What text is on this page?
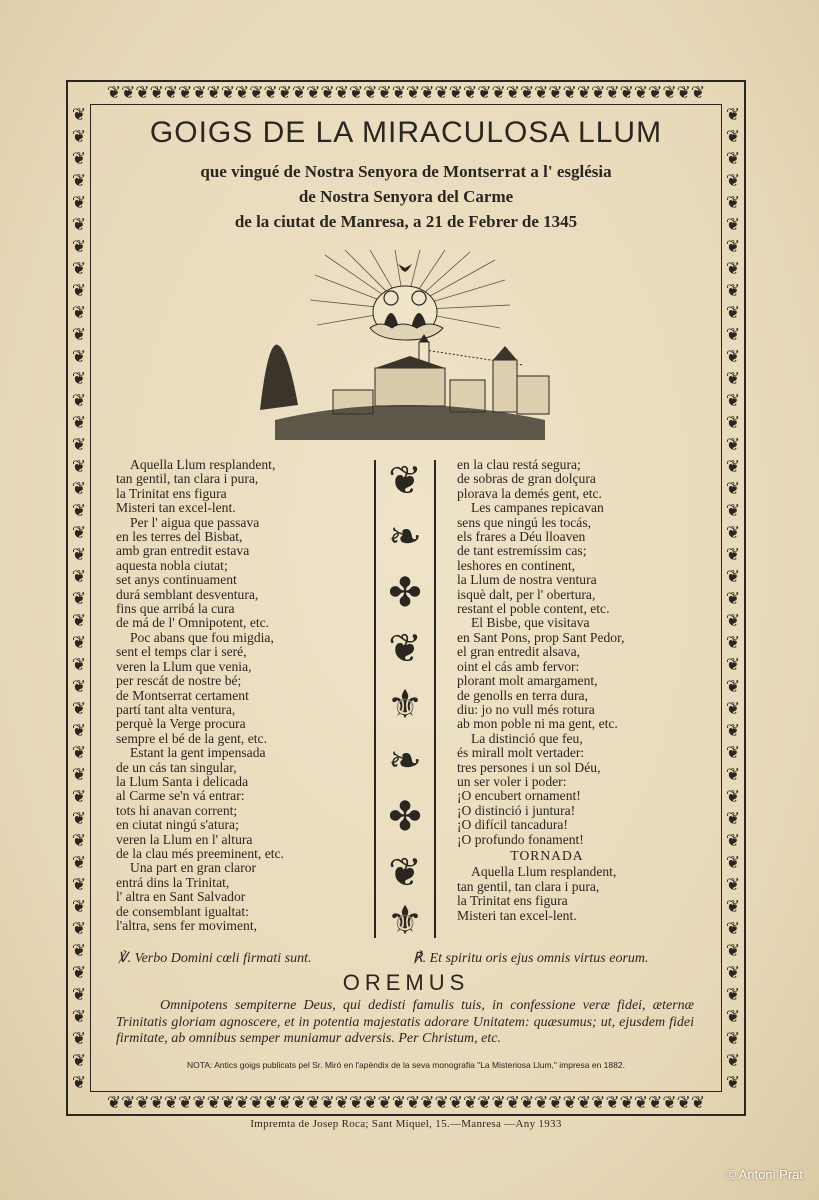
❦❦❦❦❦❦❦❦❦❦❦❦❦❦❦❦❦❦❦❦❦❦❦❦❦❦❦❦❦❦❦❦❦❦❦❦❦❦❦❦❦❦
❦❦❦❦❦❦❦❦❦❦❦❦❦❦❦❦❦❦❦❦❦❦❦❦❦❦❦❦❦❦❦❦❦❦❦❦❦❦❦❦❦❦
❦❦❦❦❦❦❦❦❦❦❦❦❦❦❦❦❦❦❦❦❦❦❦❦❦❦❦❦❦❦❦❦❦❦❦❦❦❦❦❦❦❦❦❦❦
❦❦❦❦❦❦❦❦❦❦❦❦❦❦❦❦❦❦❦❦❦❦❦❦❦❦❦❦❦❦❦❦❦❦❦❦❦❦❦❦❦❦❦❦❦
GOIGS DE LA MIRACULOSA LLUM
que vingué de Nostra Senyora de Montserrat a l' església
de Nostra Senyora del Carme
de la ciutat de Manresa, a 21 de Febrer de 1345
Aquella Llum resplandent,
tan gentil, tan clara i pura,
la Trinitat ens figura
Misteri tan excel-lent.
Per l' aigua que passava
en les terres del Bisbat,
amb gran entredit estava
aquesta nobla ciutat;
set anys continuament
durá semblant desventura,
fins que arribá la cura
de má de l' Omnipotent, etc.
Poc abans que fou migdia,
sent el temps clar i seré,
veren la Llum que venia,
per rescát de nostre bé;
de Montserrat certament
partí tant alta ventura,
perquè la Verge procura
sempre el bé de la gent, etc.
Estant la gent impensada
de un cás tan singular,
la Llum Santa i delicada
al Carme se'n vá entrar:
tots hi anavan corrent;
en ciutat ningú s'atura;
veren la Llum en l' altura
de la clau més preeminent, etc.
Una part en gran claror
entrá dins la Trinitat,
l' altra en Sant Salvador
de consemblant igualtat:
l'altra, sens fer moviment,
❦
❧
✤
❦
⚜
❧
✤
❦
⚜
en la clau restá segura;
de sobras de gran dolçura
plorava la demés gent, etc.
Les campanes repicavan
sens que ningú les tocás,
els frares a Déu lloaven
de tant estremíssim cas;
leshores en continent,
la Llum de nostra ventura
isquè dalt, per l' obertura,
restant el poble content, etc.
El Bisbe, que visitava
en Sant Pons, prop Sant Pedor,
el gran entredit alsava,
oint el cás amb fervor:
plorant molt amargament,
de genolls en terra dura,
diu: jo no vull més rotura
ab mon poble ni ma gent, etc.
La distinció que feu,
és mirall molt vertader:
tres persones i un sol Déu,
un ser voler i poder:
¡O encubert ornament!
¡O distinció i juntura!
¡O difícil tancadura!
¡O profundo fonament!
TORNADA
Aquella Llum resplandent,
tan gentil, tan clara i pura,
la Trinitat ens figura
Misteri tan excel-lent.
℣. Verbo Domini cœli firmati sunt.	℟. Et spiritu oris ejus omnis virtus eorum.
OREMUS
Omnipotens sempiterne Deus, qui dedisti famulis tuis, in confessione veræ fidei, æternæ Trinitatis gloriam agnoscere, et in potentia majestatis adorare Unitatem: quæsumus; ut, ejusdem fidei firmitate, ab omnibus semper muniamur adversis. Per Christum, etc.
NOTA: Antics goigs publicats pel Sr. Miró en l'apèndix de la seva monografia "La Misteriosa Llum," impresa en 1882.
Impremta de Josep Roca; Sant Miquel, 15.—Manresa —Any 1933
© Antoni Prat
